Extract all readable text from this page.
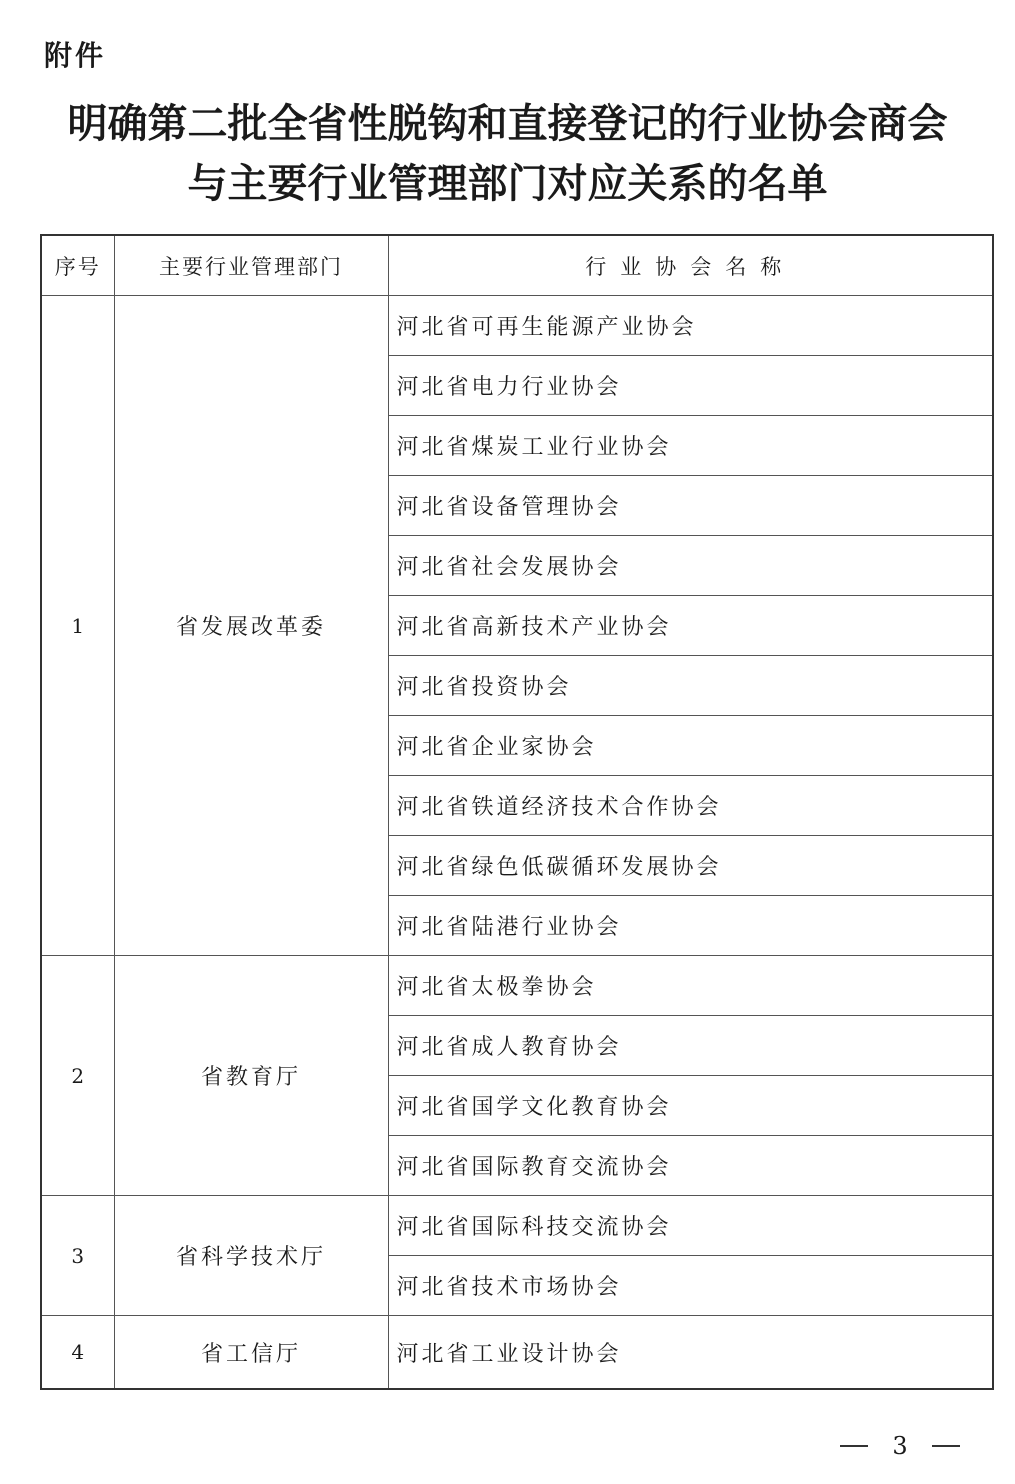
附件
明确第二批全省性脱钩和直接登记的行业协会商会
与主要行业管理部门对应关系的名单
序号	主要行业管理部门	行业协会名称
1	省发展改革委	河北省可再生能源产业协会
		河北省电力行业协会
		河北省煤炭工业行业协会
		河北省设备管理协会
		河北省社会发展协会
		河北省高新技术产业协会
		河北省投资协会
		河北省企业家协会
		河北省铁道经济技术合作协会
		河北省绿色低碳循环发展协会
		河北省陆港行业协会
2	省教育厅	河北省太极拳协会
		河北省成人教育协会
		河北省国学文化教育协会
		河北省国际教育交流协会
3	省科学技术厅	河北省国际科技交流协会
		河北省技术市场协会
4	省工信厅	河北省工业设计协会
3
